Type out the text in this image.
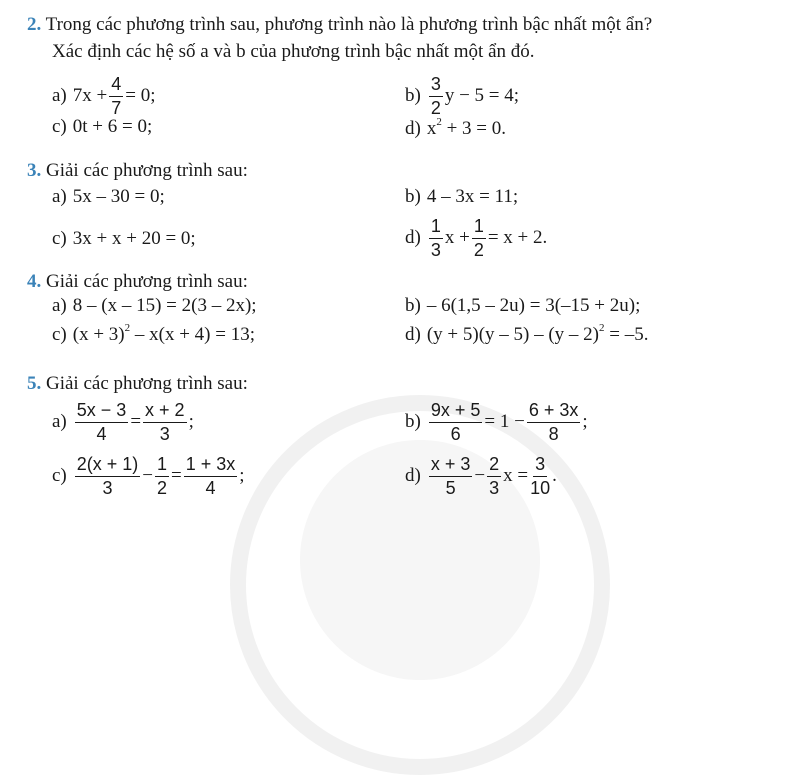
2. Trong các phương trình sau, phương trình nào là phương trình bậc nhất một ẩn?
Xác định các hệ số a và b của phương trình bậc nhất một ẩn đó.
a) $7x + \frac{4}{7} = 0$;	$b) \frac{3}{2}$ y − 5 = 4;
c) 0t + 6 = 0;	d) $x^2 + 3 = 0$.
3. Giải các phương trình sau:
a) 5x – 30 = 0;	b) 4 – 3x = 11;
c) 3x + x + 20 = 0;	$d) \frac{1}{3}$ $x + \frac{1}{2} = x + 2$.
4. Giải các phương trình sau:
a) 8 – (x – 15) = 2(3 – 2x);	b) – 6(1,5 – 2u) = 3(–15 + 2u);
c) $(x + 3)^2 - x(x + 4) = 13$;	d) (y + 5)(y – 5) – (y – 2)$^2$ = –5.
5. Giải các phương trình sau:
$a) \frac{5x - 3}{4} = \frac{x + 2}{3}$ ;	$b) \frac{9x + 5}{6} = 1 - \frac{6 + 3x}{8}$ ;
$c) \frac{2(x + 1)}{3} - \frac{1}{2} = \frac{1 + 3x}{4}$ ;	$d) \frac{x + 3}{5} - \frac{2}{3}$ $x = \frac{3}{10}$ .
